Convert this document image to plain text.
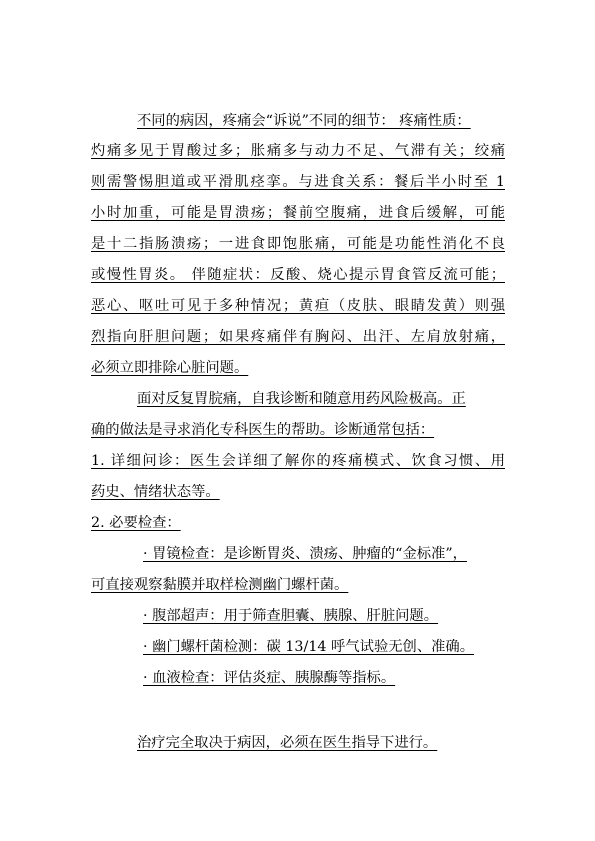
不同的病因，疼痛会“诉说”不同的细节： 疼痛性质：

灼痛多见于胃酸过多；胀痛多与动力不足、气滞有关；绞痛

则需警惕胆道或平滑肌痉挛。与进食关系：餐后半小时至 1

小时加重，可能是胃溃疡；餐前空腹痛，进食后缓解，可能

是十二指肠溃疡；一进食即饱胀痛，可能是功能性消化不良

或慢性胃炎。 伴随症状：反酸、烧心提示胃食管反流可能；

恶心、呕吐可见于多种情况；黄疸（皮肤、眼睛发黄）则强

烈指向肝胆问题；如果疼痛伴有胸闷、出汗、左肩放射痛，

必须立即排除心脏问题。

面对反复胃脘痛，自我诊断和随意用药风险极高。正

确的做法是寻求消化专科医生的帮助。诊断通常包括：

1. 详细问诊：医生会详细了解你的疼痛模式、饮食习惯、用

药史、情绪状态等。

2. 必要检查：

· 胃镜检查：是诊断胃炎、溃疡、肿瘤的“金标准”，

可直接观察黏膜并取样检测幽门螺杆菌。

· 腹部超声：用于筛查胆囊、胰腺、肝脏问题。

· 幽门螺杆菌检测：碳 13/14 呼气试验无创、准确。

· 血液检查：评估炎症、胰腺酶等指标。

治疗完全取决于病因，必须在医生指导下进行。
